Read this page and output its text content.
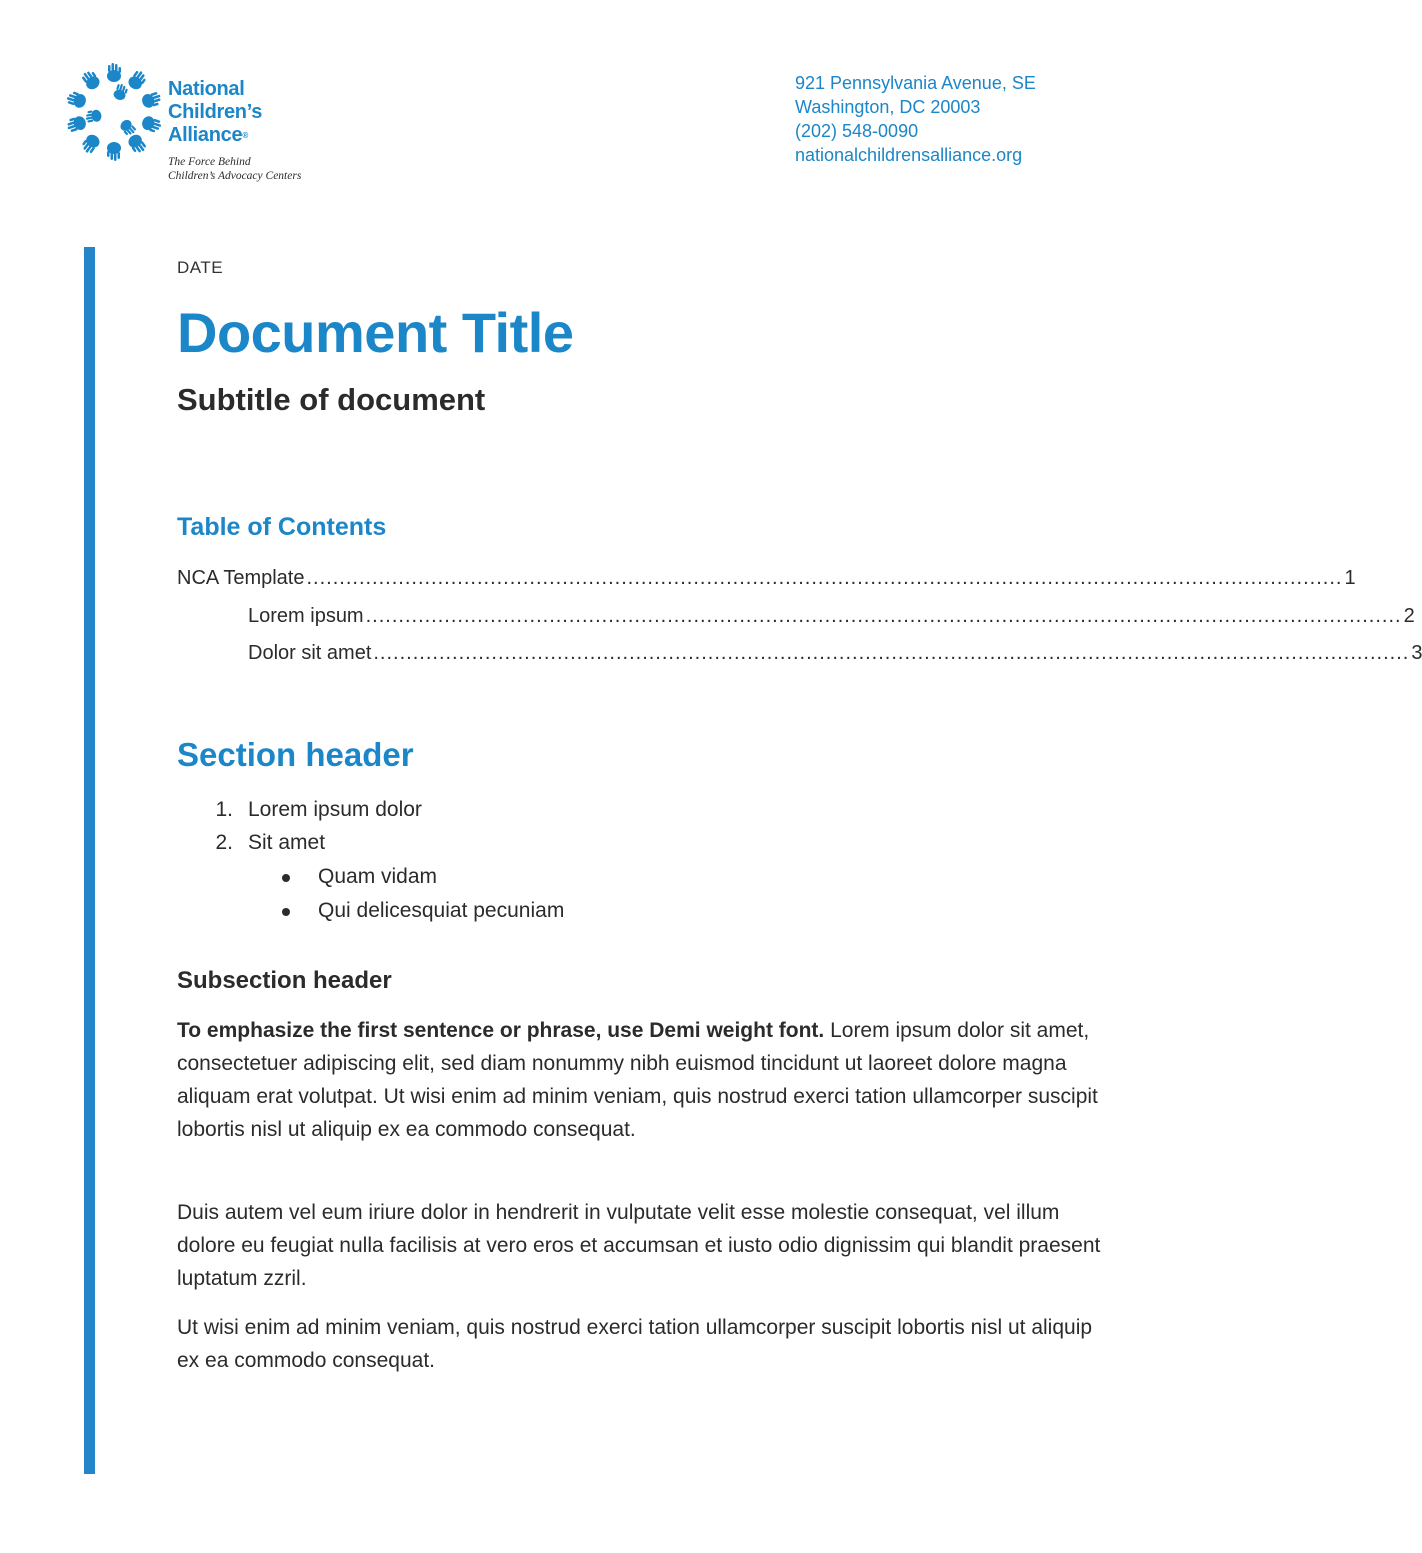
National
Children’s
Alliance®
The Force Behind
Children’s Advocacy Centers
921 Pennsylvania Avenue, SE
Washington, DC 20003
(202) 548-0090
nationalchildrensalliance.org
DATE
Document Title
Subtitle of document
Table of Contents
NCA Template .............................................................................................................................................................. 1
Lorem ipsum .............................................................................................................................................................. 2
Dolor sit amet .............................................................................................................................................................. 3
Section header
1. Lorem ipsum dolor
2. Sit amet
Quam vidam
Qui delicesquiat pecuniam
Subsection header
To emphasize the first sentence or phrase, use Demi weight font. Lorem ipsum dolor sit amet, consectetuer adipiscing elit, sed diam nonummy nibh euismod tincidunt ut laoreet dolore magna aliquam erat volutpat. Ut wisi enim ad minim veniam, quis nostrud exerci tation ullamcorper suscipit lobortis nisl ut aliquip ex ea commodo consequat.
Duis autem vel eum iriure dolor in hendrerit in vulputate velit esse molestie consequat, vel illum dolore eu feugiat nulla facilisis at vero eros et accumsan et iusto odio dignissim qui blandit praesent luptatum zzril.
Ut wisi enim ad minim veniam, quis nostrud exerci tation ullamcorper suscipit lobortis nisl ut aliquip ex ea commodo consequat.
